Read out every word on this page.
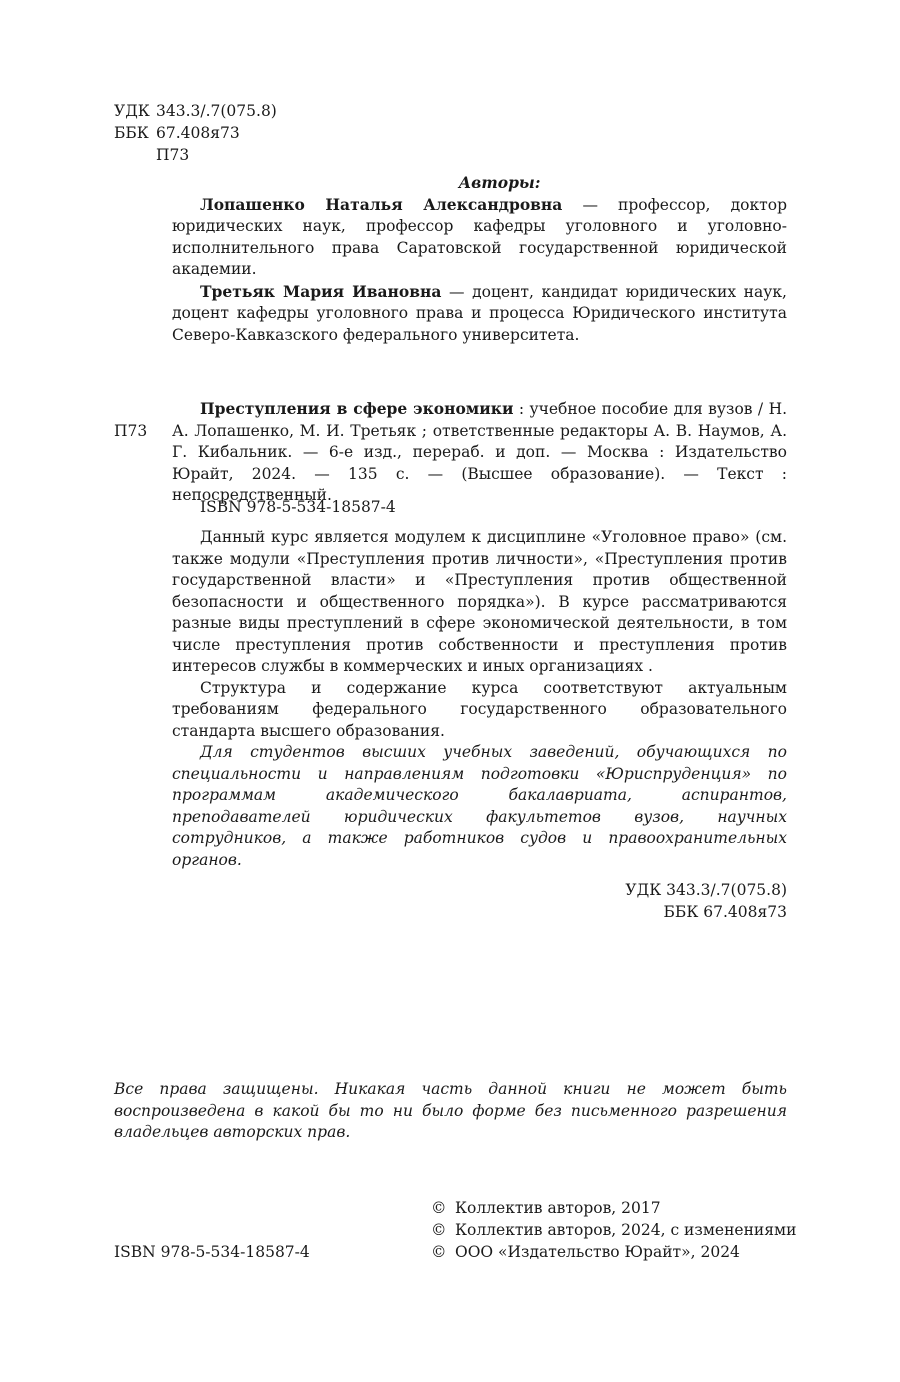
УДК 343.3/.7(075.8)
ББК 67.408я73
П73
Авторы:

Лопашенко Наталья Александровна — профессор, доктор юридических наук, профессор кафедры уголовного и уголовно-исполнительного права Саратовской государственной юридической академии.

Третьяк Мария Ивановна — доцент, кандидат юридических наук, доцент кафедры уголовного права и процесса Юридического института Северо-Кавказского федерального университета.

П73

Преступления в сфере экономики : учебное пособие для вузов / Н. А. Лопашенко, М. И. Третьяк ; ответственные редакторы А. В. Наумов, А. Г. Кибальник. — 6-е изд., перераб. и доп. — Москва : Издательство Юрайт, 2024. — 135 с. — (Высшее образование). — Текст : непосредственный.

ISBN 978-5-534-18587-4

Данный курс является модулем к дисциплине «Уголовное право» (см. также модули «Преступления против личности», «Преступления против государственной власти» и «Преступления против общественной безопасности и общественного порядка»). В курсе рассматриваются разные виды преступлений в сфере экономической деятельности, в том числе преступления против собственности и преступления против интересов службы в коммерческих и иных организациях .

Структура и содержание курса соответствуют актуальным требованиям федерального государственного образовательного стандарта высшего образования.

Для студентов высших учебных заведений, обучающихся по специальности и направлениям подготовки «Юриспруденция» по программам академического бакалавриата, аспирантов, преподавателей юридических факультетов вузов, научных сотрудников, а также работников судов и правоохранительных органов.

УДК 343.3/.7(075.8)
ББК 67.408я73
Все права защищены. Никакая часть данной книги не может быть воспроизведена в какой бы то ни было форме без письменного разрешения владельцев авторских прав.
© Коллектив авторов, 2017
© Коллектив авторов, 2024, с изменениями
© ООО «Издательство Юрайт», 2024
ISBN 978-5-534-18587-4
